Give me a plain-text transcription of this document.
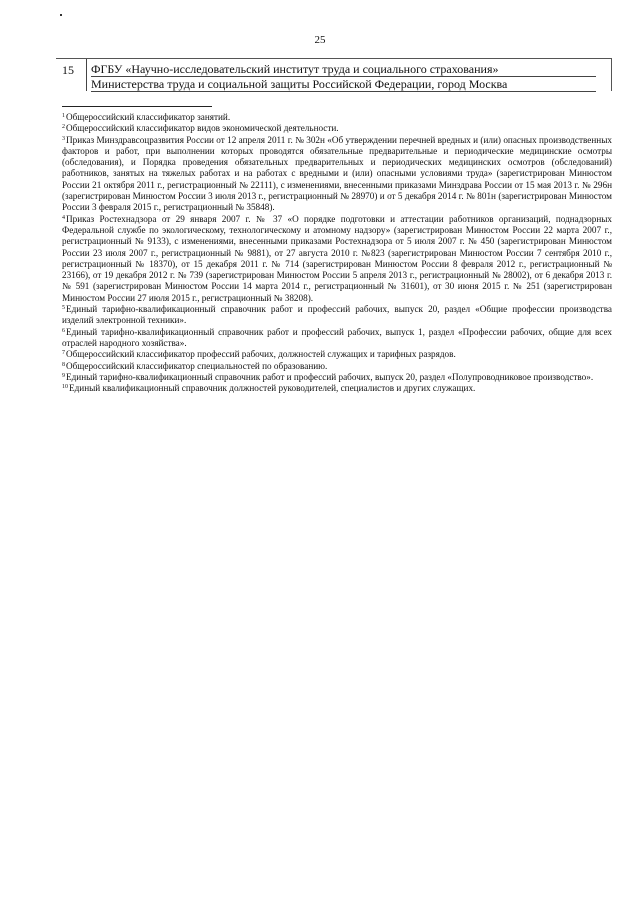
25
15 ФГБУ «Научно-исследовательский институт труда и социального страхования»
Министерства труда и социальной защиты Российской Федерации, город Москва

$^1$Общероссийский классификатор занятий.

$^2$Общероссийский классификатор видов экономической деятельности.

$^3$Приказ Минздравсоцразвития России от 12 апреля 2011 г. № 302н «Об утверждении перечней вредных и (или) опасных производственных факторов и работ, при выполнении которых проводятся обязательные предварительные и периодические медицинские осмотры (обследования), и Порядка проведения обязательных предварительных и периодических медицинских осмотров (обследований) работников, занятых на тяжелых работах и на работах с вредными и (или) опасными условиями труда» (зарегистрирован Минюстом России 21 октября 2011 г., регистрационный № 22111), с изменениями, внесенными приказами Минздрава России от 15 мая 2013 г. № 296н (зарегистрирован Минюстом России 3 июля 2013 г., регистрационный № 28970) и от 5 декабря 2014 г. № 801н (зарегистрирован Минюстом России 3 февраля 2015 г., регистрационный № 35848).

$^4$Приказ Ростехнадзора от 29 января 2007 г. № 37 «О порядке подготовки и аттестации работников организаций, поднадзорных Федеральной службе по экологическому, технологическому и атомному надзору» (зарегистрирован Минюстом России 22 марта 2007 г., регистрационный № 9133), с изменениями, внесенными приказами Ростехнадзора от 5 июля 2007 г. № 450 (зарегистрирован Минюстом России 23 июля 2007 г., регистрационный № 9881), от 27 августа 2010 г. №823 (зарегистрирован Минюстом России 7 сентября 2010 г., регистрационный № 18370), от 15 декабря 2011 г. № 714 (зарегистрирован Минюстом России 8 февраля 2012 г., регистрационный № 23166), от 19 декабря 2012 г. № 739 (зарегистрирован Минюстом России 5 апреля 2013 г., регистрационный № 28002), от 6 декабря 2013 г. № 591 (зарегистрирован Минюстом России 14 марта 2014 г., регистрационный № 31601), от 30 июня 2015 г. № 251 (зарегистрирован Минюстом России 27 июля 2015 г., регистрационный № 38208).

$^5$Единый тарифно-квалификационный справочник работ и профессий рабочих, выпуск 20, раздел «Общие профессии производства изделий электронной техники».

$^6$Единый тарифно-квалификационный справочник работ и профессий рабочих, выпуск 1, раздел «Профессии рабочих, общие для всех отраслей народного хозяйства».

$^7$Общероссийский классификатор профессий рабочих, должностей служащих и тарифных разрядов.

$^8$Общероссийский классификатор специальностей по образованию.

$^9$Единый тарифно-квалификационный справочник работ и профессий рабочих, выпуск 20, раздел «Полупроводниковое производство».

$^{10}$Единый квалификационный справочник должностей руководителей, специалистов и других служащих.
